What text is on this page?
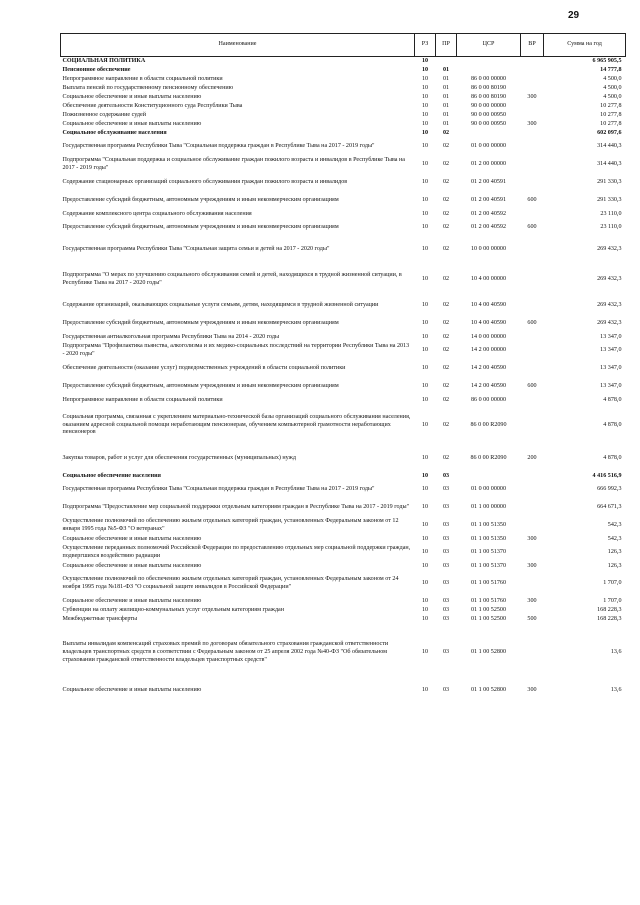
29
Наименование	РЗ	ПР	ЦСР	ВР	Сумма на год
СОЦИАЛЬНАЯ ПОЛИТИКА	10				6 965 905,5
Пенсионное обеспечение	10	01			14 777,8
Непрограммное направление в области социальной политики	10	01	86 0 00 00000		4 500,0
Выплата пенсий по государственному пенсионному обеспечению	10	01	86 0 00 80190		4 500,0
Социальное обеспечение и иные выплаты населению	10	01	86 0 00 80190	300	4 500,0
Обеспечение деятельности Конституционного суда Республики Тыва	10	01	90 0 00 00000		10 277,8
Пожизненное содержание судей	10	01	90 0 00 00950		10 277,8
Социальное обеспечение и иные выплаты населению	10	01	90 0 00 00950	300	10 277,8
Социальное обслуживание населения	10	02			602 097,6
Государственная программа Республики Тыва "Социальная поддержка граждан в Республике Тыва на 2017 - 2019 годы"	10	02	01 0 00 00000		314 440,3
Подпрограмма "Социальная поддержка и социальное обслуживание граждан пожилого возраста и инвалидов в Республике Тыва на 2017 - 2019 годы"	10	02	01 2 00 00000		314 440,3
Содержание стационарных организаций социального обслуживания граждан пожилого возраста и инвалидов	10	02	01 2 00 40591		291 330,3
Предоставление субсидий бюджетным, автономным учреждениям и иным некоммерческим организациям	10	02	01 2 00 40591	600	291 330,3
Содержание комплексного центра социального обслуживания населения	10	02	01 2 00 40592		23 110,0
Предоставление субсидий бюджетным, автономным учреждениям и иным некоммерческим организациям	10	02	01 2 00 40592	600	23 110,0
Государственная программа Республики Тыва "Социальная защита семьи и детей на 2017 - 2020 годы"	10	02	10 0 00 00000		269 432,3
Подпрограмма "О мерах по улучшению социального обслуживания семей и детей, находящихся в трудной жизненной ситуации, в Республике Тыва на 2017 - 2020 годы"	10	02	10 4 00 00000		269 432,3
Содержание организаций, оказывающих социальные услуги семьям, детям, находящимся в трудной жизненной ситуации	10	02	10 4 00 40590		269 432,3
Предоставление субсидий бюджетным, автономным учреждениям и иным некоммерческим организациям	10	02	10 4 00 40590	600	269 432,3
Государственная антиалкогольная программа Республики Тыва на 2014 - 2020 годы	10	02	14 0 00 00000		13 347,0
Подпрограмма "Профилактика пьянства, алкоголизма и их медико-социальных последствий на территории Республики Тыва на 2013 - 2020 годы"	10	02	14 2 00 00000		13 347,0
Обеспечение деятельности (оказание услуг) подведомственных учреждений в области социальной политики	10	02	14 2 00 40590		13 347,0
Предоставление субсидий бюджетным, автономным учреждениям и иным некоммерческим организациям	10	02	14 2 00 40590	600	13 347,0
Непрограммное направление в области социальной политики	10	02	86 0 00 00000		4 878,0
Социальная программа, связанная с укреплением материально-технической базы организаций социального обслуживания населения, оказанием адресной социальной помощи неработающим пенсионерам, обучением компьютерной грамотности неработающих пенсионеров	10	02	86 0 00 R2090		4 878,0
Закупка товаров, работ и услуг для обеспечения государственных (муниципальных) нужд	10	02	86 0 00 R2090	200	4 878,0
Социальное обеспечение населения	10	03			4 416 516,9
Государственная программа Республики Тыва "Социальная поддержка граждан в Республике Тыва на 2017 - 2019 годы"	10	03	01 0 00 00000		666 992,3
Подпрограмма "Предоставление мер социальной поддержки отдельным категориям граждан в Республике Тыва на 2017 - 2019 годы"	10	03	01 1 00 00000		664 671,3
Осуществление полномочий по обеспечению жильем отдельных категорий граждан, установленных Федеральным законом от 12 января 1995 года №5-ФЗ "О ветеранах"	10	03	01 1 00 51350		542,3
Социальное обеспечение и иные выплаты населению	10	03	01 1 00 51350	300	542,3
Осуществление переданных полномочий Российской Федерации по предоставлению отдельных мер социальной поддержки граждан, подвергшихся воздействию радиации	10	03	01 1 00 51370		126,3
Социальное обеспечение и иные выплаты населению	10	03	01 1 00 51370	300	126,3
Осуществление полномочий по обеспечению жильем отдельных категорий граждан, установленных Федеральным законом от 24 ноября 1995 года №181-ФЗ "О социальной защите инвалидов в Российской Федерации"	10	03	01 1 00 51760		1 707,0
Социальное обеспечение и иные выплаты населению	10	03	01 1 00 51760	300	1 707,0
Субвенции на оплату жилищно-коммунальных услуг отдельным категориям граждан	10	03	01 1 00 52500		168 228,3
Межбюджетные трансферты	10	03	01 1 00 52500	500	168 228,3
Выплаты инвалидам компенсаций страховых премий по договорам обязательного страхования гражданской ответственности владельцев транспортных средств в соответствии с Федеральным законом от 25 апреля 2002 года №40-ФЗ "Об обязательном страховании гражданской ответственности владельцев транспортных средств"	10	03	01 1 00 52800		13,6
Социальное обеспечение и иные выплаты населению	10	03	01 1 00 52800	300	13,6
